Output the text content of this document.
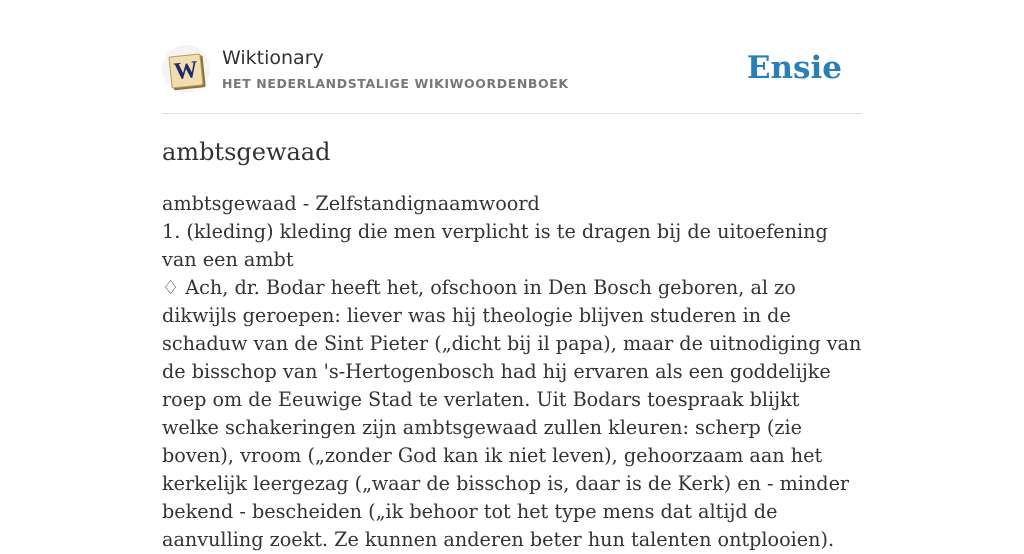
W Wiktionary
HET NEDERLANDSTALIGE WIKIWOORDENBOEK	Ensie
ambtsgewaad

ambtsgewaad - Zelfstandignaamwoord

1. (kleding) kleding die men verplicht is te dragen bij de uitoefening van een ambt

♢ Ach, dr. Bodar heeft het, ofschoon in Den Bosch geboren, al zo dikwijls geroepen: liever was hij theologie blijven studeren in de schaduw van de Sint Pieter („dicht bij il papa), maar de uitnodiging van de bisschop van 's-Hertogenbosch had hij ervaren als een goddelijke roep om de Eeuwige Stad te verlaten. Uit Bodars toespraak blijkt welke schakeringen zijn ambtsgewaad zullen kleuren: scherp (zie boven), vroom („zonder God kan ik niet leven), gehoorzaam aan het kerkelijk leergezag („waar de bisschop is, daar is de Kerk) en - minder bekend - bescheiden („ik behoor tot het type mens dat altijd de aanvulling zoekt. Ze kunnen anderen beter hun talenten ontplooien).
